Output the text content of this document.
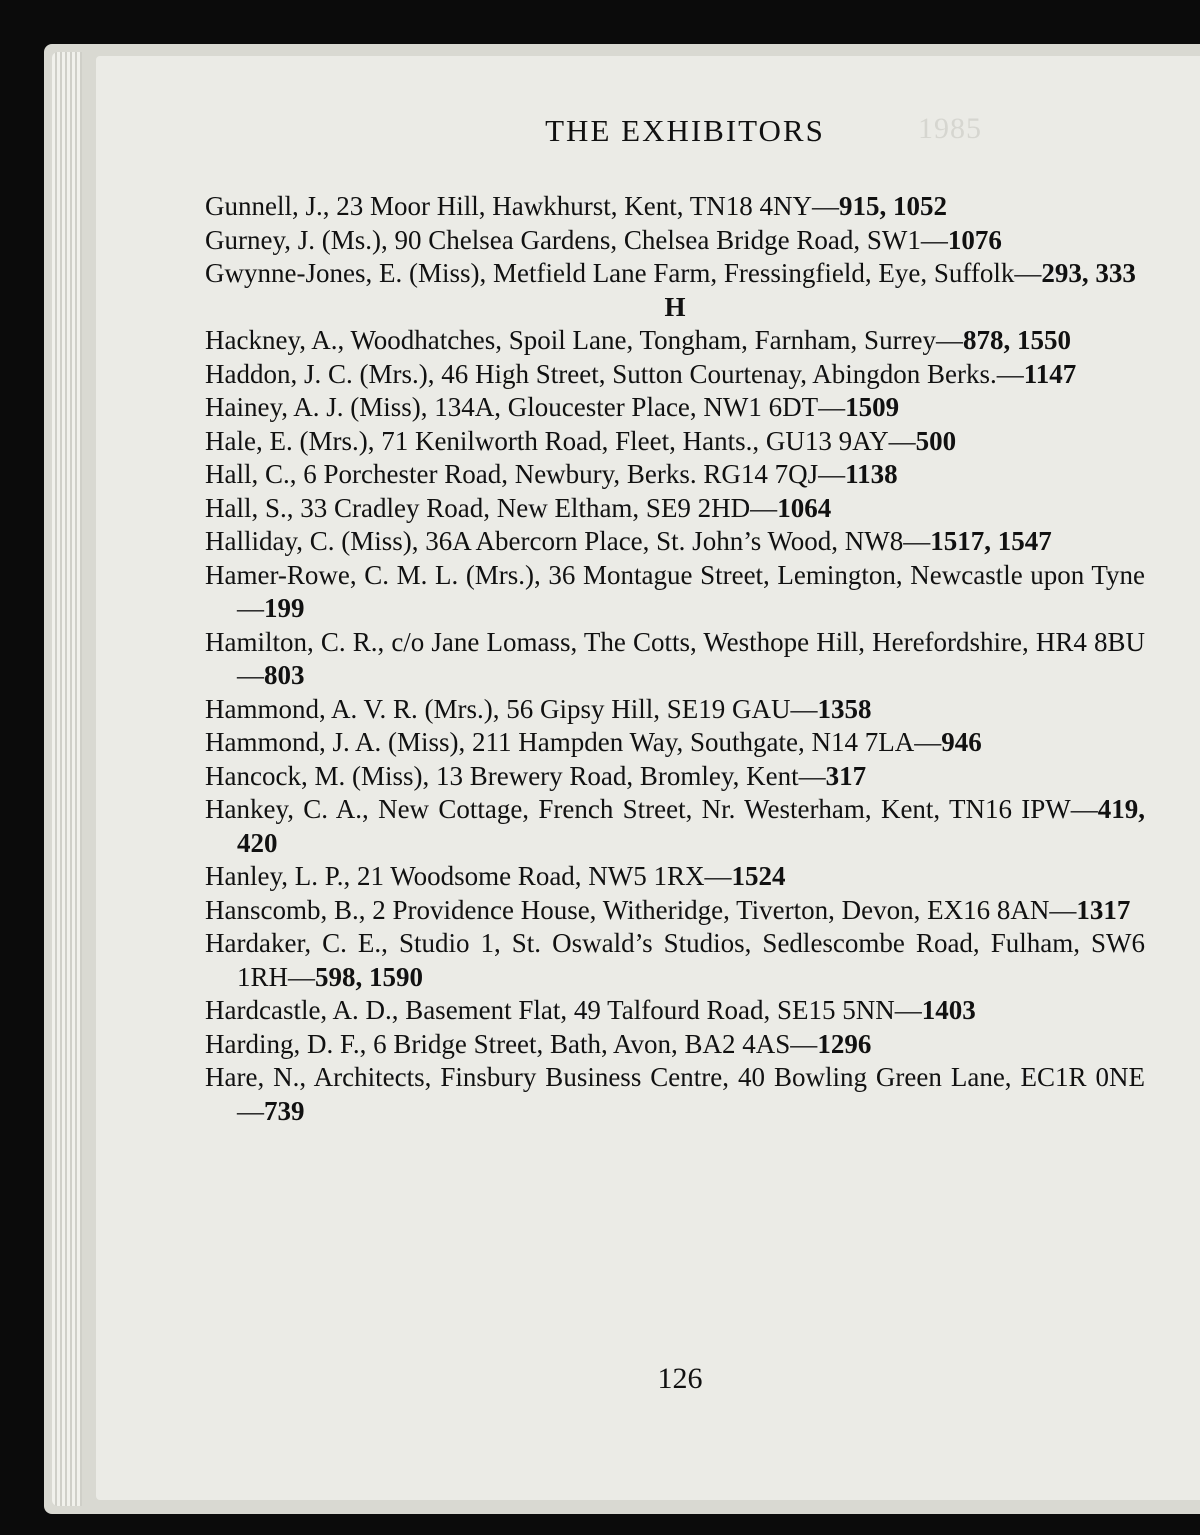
1985
THE EXHIBITORS
Gunnell, J., 23 Moor Hill, Hawkhurst, Kent, TN18 4NY—915, 1052
Gurney, J. (Ms.), 90 Chelsea Gardens, Chelsea Bridge Road, SW1—1076
Gwynne-Jones, E. (Miss), Metfield Lane Farm, Fressingfield, Eye, Suffolk—293, 333
H
Hackney, A., Woodhatches, Spoil Lane, Tongham, Farnham, Surrey—878, 1550
Haddon, J. C. (Mrs.), 46 High Street, Sutton Courtenay, Abingdon Berks.—1147
Hainey, A. J. (Miss), 134A, Gloucester Place, NW1 6DT—1509
Hale, E. (Mrs.), 71 Kenilworth Road, Fleet, Hants., GU13 9AY—500
Hall, C., 6 Porchester Road, Newbury, Berks. RG14 7QJ—1138
Hall, S., 33 Cradley Road, New Eltham, SE9 2HD—1064
Halliday, C. (Miss), 36A Abercorn Place, St. John’s Wood, NW8—1517, 1547
Hamer-Rowe, C. M. L. (Mrs.), 36 Montague Street, Lemington, Newcastle upon Tyne—199
Hamilton, C. R., c/o Jane Lomass, The Cotts, Westhope Hill, Herefordshire, HR4 8BU—803
Hammond, A. V. R. (Mrs.), 56 Gipsy Hill, SE19 GAU—1358
Hammond, J. A. (Miss), 211 Hampden Way, Southgate, N14 7LA—946
Hancock, M. (Miss), 13 Brewery Road, Bromley, Kent—317
Hankey, C. A., New Cottage, French Street, Nr. Westerham, Kent, TN16 IPW—419, 420
Hanley, L. P., 21 Woodsome Road, NW5 1RX—1524
Hanscomb, B., 2 Providence House, Witheridge, Tiverton, Devon, EX16 8AN—1317
Hardaker, C. E., Studio 1, St. Oswald’s Studios, Sedlescombe Road, Fulham, SW6 1RH—598, 1590
Hardcastle, A. D., Basement Flat, 49 Talfourd Road, SE15 5NN—1403
Harding, D. F., 6 Bridge Street, Bath, Avon, BA2 4AS—1296
Hare, N., Architects, Finsbury Business Centre, 40 Bowling Green Lane, EC1R 0NE—739
126
